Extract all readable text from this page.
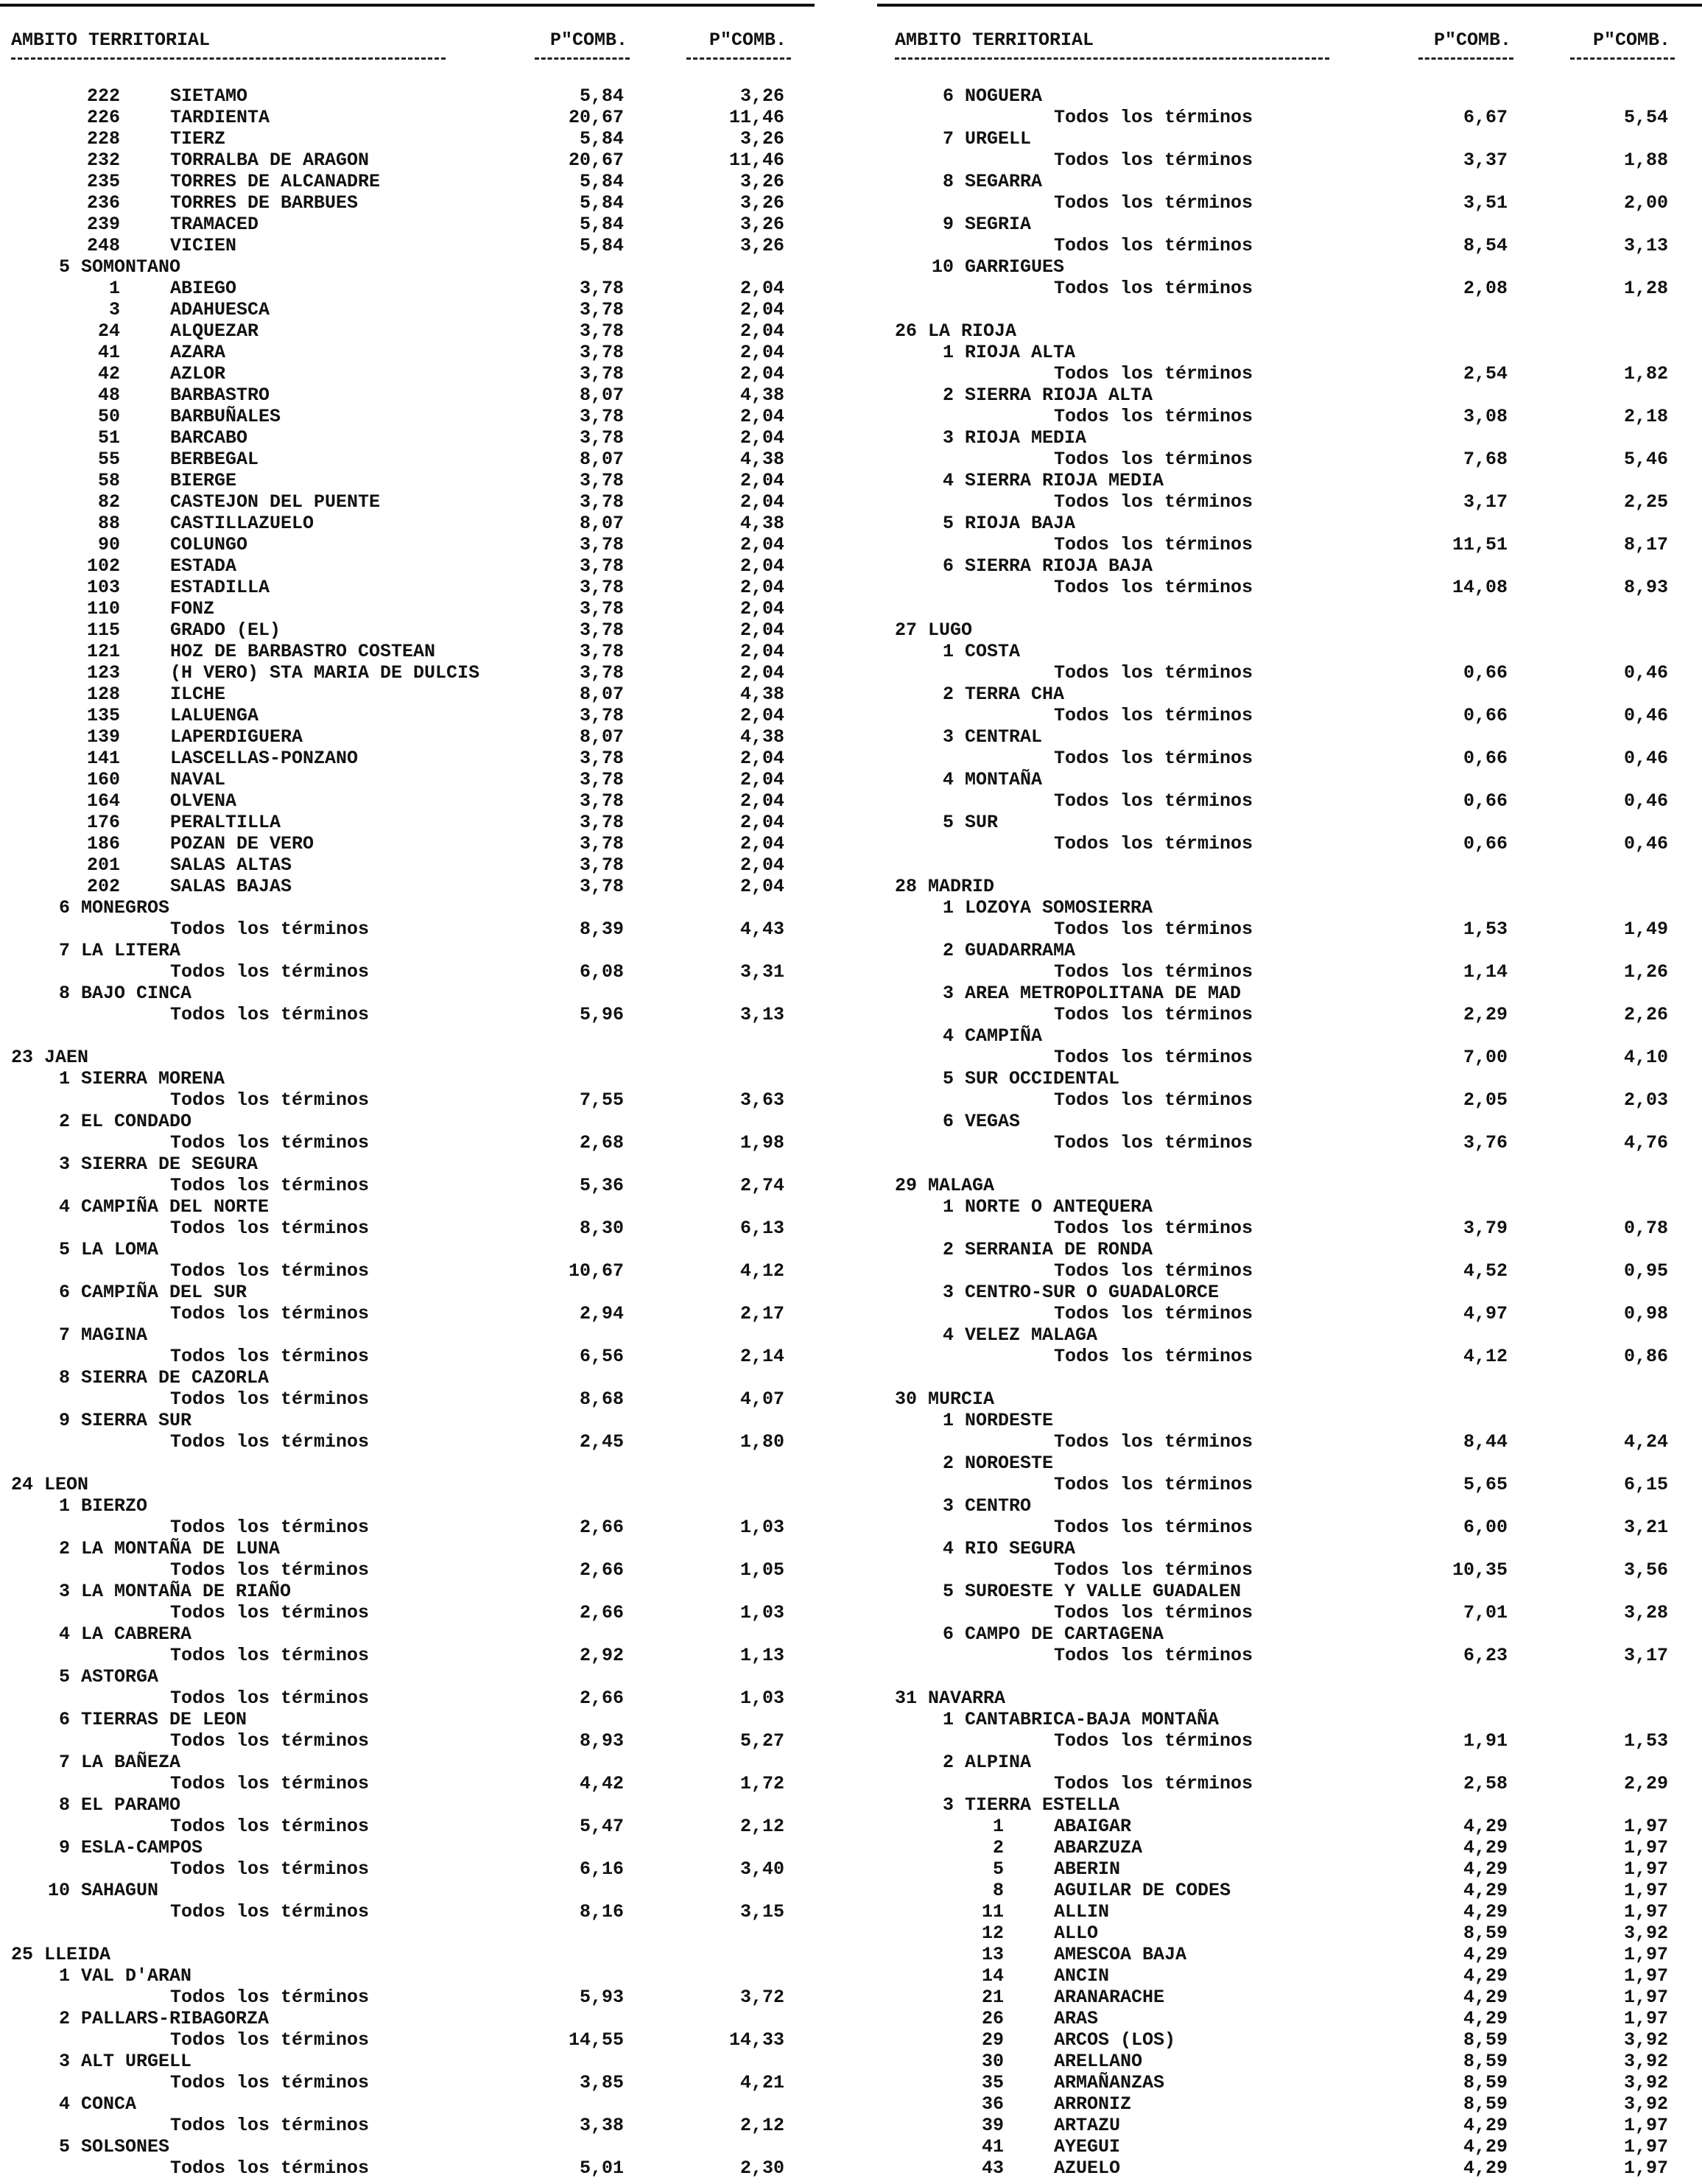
AMBITO TERRITORIAL	P"COMB.	P"COMB.
222	SIETAMO	5,84	3,26
226	TARDIENTA	20,67	11,46
228	TIERZ	5,84	3,26
232	TORRALBA DE ARAGON	20,67	11,46
235	TORRES DE ALCANADRE	5,84	3,26
236	TORRES DE BARBUES	5,84	3,26
239	TRAMACED	5,84	3,26
248	VICIEN	5,84	3,26
5 SOMONTANO
1	ABIEGO	3,78	2,04
3	ADAHUESCA	3,78	2,04
24	ALQUEZAR	3,78	2,04
41	AZARA	3,78	2,04
42	AZLOR	3,78	2,04
48	BARBASTRO	8,07	4,38
50	BARBUÑALES	3,78	2,04
51	BARCABO	3,78	2,04
55	BERBEGAL	8,07	4,38
58	BIERGE	3,78	2,04
82	CASTEJON DEL PUENTE	3,78	2,04
88	CASTILLAZUELO	8,07	4,38
90	COLUNGO	3,78	2,04
102	ESTADA	3,78	2,04
103	ESTADILLA	3,78	2,04
110	FONZ	3,78	2,04
115	GRADO (EL)	3,78	2,04
121	HOZ DE BARBASTRO COSTEAN	3,78	2,04
123	(H VERO) STA MARIA DE DULCIS	3,78	2,04
128	ILCHE	8,07	4,38
135	LALUENGA	3,78	2,04
139	LAPERDIGUERA	8,07	4,38
141	LASCELLAS-PONZANO	3,78	2,04
160	NAVAL	3,78	2,04
164	OLVENA	3,78	2,04
176	PERALTILLA	3,78	2,04
186	POZAN DE VERO	3,78	2,04
201	SALAS ALTAS	3,78	2,04
202	SALAS BAJAS	3,78	2,04
6 MONEGROS
Todos los términos	8,39	4,43
7 LA LITERA
Todos los términos	6,08	3,31
8 BAJO CINCA
Todos los términos	5,96	3,13
23 JAEN
1 SIERRA MORENA
Todos los términos	7,55	3,63
2 EL CONDADO
Todos los términos	2,68	1,98
3 SIERRA DE SEGURA
Todos los términos	5,36	2,74
4 CAMPIÑA DEL NORTE
Todos los términos	8,30	6,13
5 LA LOMA
Todos los términos	10,67	4,12
6 CAMPIÑA DEL SUR
Todos los términos	2,94	2,17
7 MAGINA
Todos los términos	6,56	2,14
8 SIERRA DE CAZORLA
Todos los términos	8,68	4,07
9 SIERRA SUR
Todos los términos	2,45	1,80
24 LEON
1 BIERZO
Todos los términos	2,66	1,03
2 LA MONTAÑA DE LUNA
Todos los términos	2,66	1,05
3 LA MONTAÑA DE RIAÑO
Todos los términos	2,66	1,03
4 LA CABRERA
Todos los términos	2,92	1,13
5 ASTORGA
Todos los términos	2,66	1,03
6 TIERRAS DE LEON
Todos los términos	8,93	5,27
7 LA BAÑEZA
Todos los términos	4,42	1,72
8 EL PARAMO
Todos los términos	5,47	2,12
9 ESLA-CAMPOS
Todos los términos	6,16	3,40
10 SAHAGUN
Todos los términos	8,16	3,15
25 LLEIDA
1 VAL D'ARAN
Todos los términos	5,93	3,72
2 PALLARS-RIBAGORZA
Todos los términos	14,55	14,33
3 ALT URGELL
Todos los términos	3,85	4,21
4 CONCA
Todos los términos	3,38	2,12
5 SOLSONES
Todos los términos	5,01	2,30
AMBITO TERRITORIAL	P"COMB.	P"COMB.
6 NOGUERA
Todos los términos	6,67	5,54
7 URGELL
Todos los términos	3,37	1,88
8 SEGARRA
Todos los términos	3,51	2,00
9 SEGRIA
Todos los términos	8,54	3,13
10 GARRIGUES
Todos los términos	2,08	1,28
26 LA RIOJA
1 RIOJA ALTA
Todos los términos	2,54	1,82
2 SIERRA RIOJA ALTA
Todos los términos	3,08	2,18
3 RIOJA MEDIA
Todos los términos	7,68	5,46
4 SIERRA RIOJA MEDIA
Todos los términos	3,17	2,25
5 RIOJA BAJA
Todos los términos	11,51	8,17
6 SIERRA RIOJA BAJA
Todos los términos	14,08	8,93
27 LUGO
1 COSTA
Todos los términos	0,66	0,46
2 TERRA CHA
Todos los términos	0,66	0,46
3 CENTRAL
Todos los términos	0,66	0,46
4 MONTAÑA
Todos los términos	0,66	0,46
5 SUR
Todos los términos	0,66	0,46
28 MADRID
1 LOZOYA SOMOSIERRA
Todos los términos	1,53	1,49
2 GUADARRAMA
Todos los términos	1,14	1,26
3 AREA METROPOLITANA DE MAD
Todos los términos	2,29	2,26
4 CAMPIÑA
Todos los términos	7,00	4,10
5 SUR OCCIDENTAL
Todos los términos	2,05	2,03
6 VEGAS
Todos los términos	3,76	4,76
29 MALAGA
1 NORTE O ANTEQUERA
Todos los términos	3,79	0,78
2 SERRANIA DE RONDA
Todos los términos	4,52	0,95
3 CENTRO-SUR O GUADALORCE
Todos los términos	4,97	0,98
4 VELEZ MALAGA
Todos los términos	4,12	0,86
30 MURCIA
1 NORDESTE
Todos los términos	8,44	4,24
2 NOROESTE
Todos los términos	5,65	6,15
3 CENTRO
Todos los términos	6,00	3,21
4 RIO SEGURA
Todos los términos	10,35	3,56
5 SUROESTE Y VALLE GUADALEN
Todos los términos	7,01	3,28
6 CAMPO DE CARTAGENA
Todos los términos	6,23	3,17
31 NAVARRA
1 CANTABRICA-BAJA MONTAÑA
Todos los términos	1,91	1,53
2 ALPINA
Todos los términos	2,58	2,29
3 TIERRA ESTELLA
1	ABAIGAR	4,29	1,97
2	ABARZUZA	4,29	1,97
5	ABERIN	4,29	1,97
8	AGUILAR DE CODES	4,29	1,97
11	ALLIN	4,29	1,97
12	ALLO	8,59	3,92
13	AMESCOA BAJA	4,29	1,97
14	ANCIN	4,29	1,97
21	ARANARACHE	4,29	1,97
26	ARAS	4,29	1,97
29	ARCOS (LOS)	8,59	3,92
30	ARELLANO	8,59	3,92
35	ARMAÑANZAS	8,59	3,92
36	ARRONIZ	8,59	3,92
39	ARTAZU	4,29	1,97
41	AYEGUI	4,29	1,97
43	AZUELO	4,29	1,97
